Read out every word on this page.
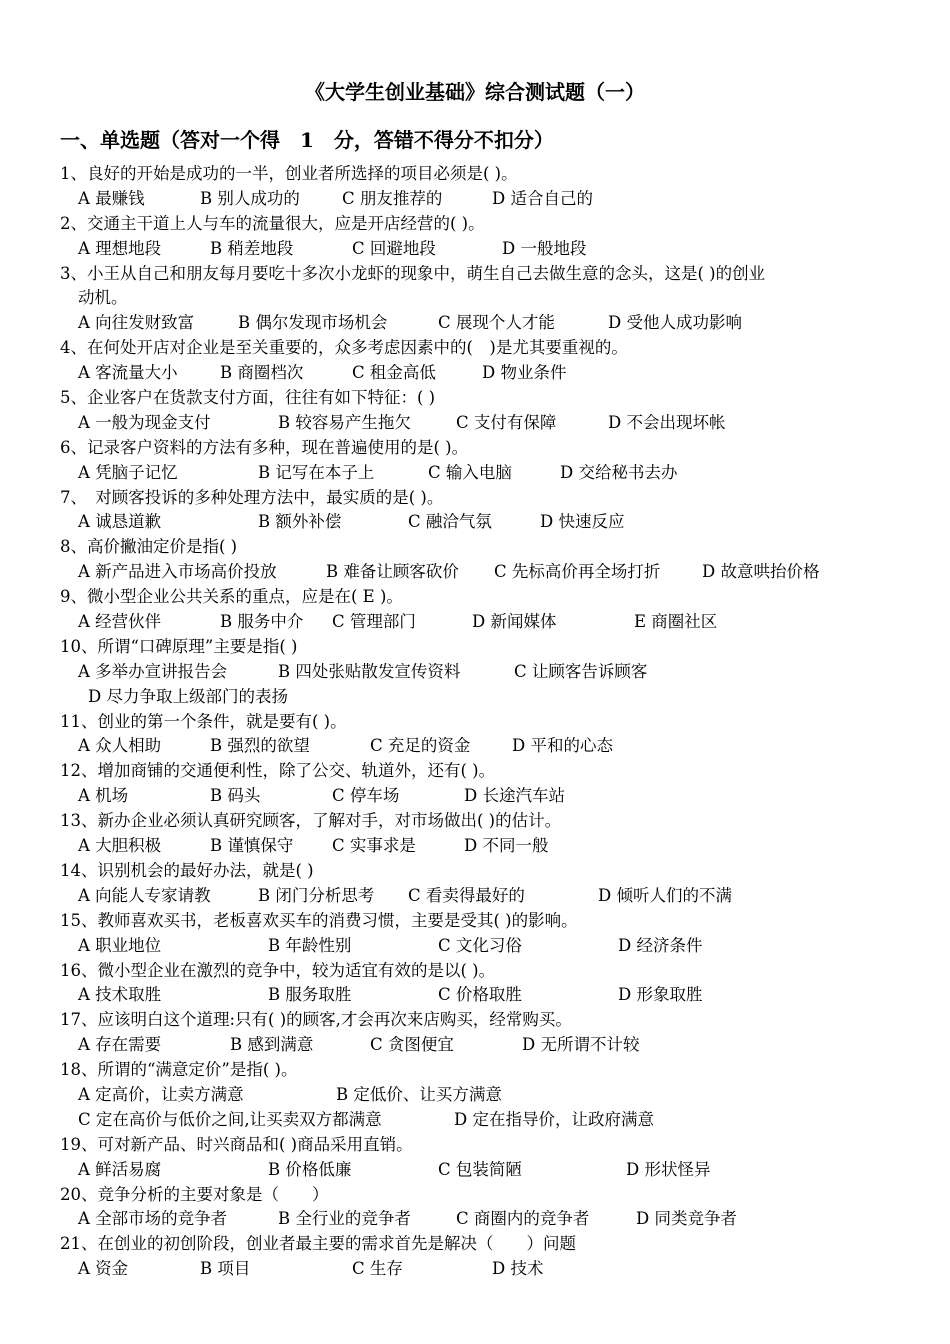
《大学生创业基础》综合测试题（一）
一、单选题（答对一个得　1　分，答错不得分不扣分）
1、良好的开始是成功的一半，创业者所选择的项目必须是( )。
A 最赚钱	B 别人成功的	C 朋友推荐的	D 适合自己的
2、交通主干道上人与车的流量很大，应是开店经营的( )。
A 理想地段	B 稍差地段	C 回避地段	D 一般地段
3、小王从自己和朋友每月要吃十多次小龙虾的现象中，萌生自己去做生意的念头，这是( )的创业
动机。
A 向往发财致富	B 偶尔发现市场机会	C 展现个人才能	D 受他人成功影响
4、在何处开店对企业是至关重要的，众多考虑因素中的(　)是尤其要重视的。
A 客流量大小	B 商圈档次	C 租金高低	D 物业条件
5、企业客户在货款支付方面，往往有如下特征：( )
A 一般为现金支付	B 较容易产生拖欠	C 支付有保障	D 不会出现坏帐
6、记录客户资料的方法有多种，现在普遍使用的是( )。
A 凭脑子记忆	B 记写在本子上	C 输入电脑	D 交给秘书去办
7、　对顾客投诉的多种处理方法中，最实质的是( )。
A 诚恳道歉	B 额外补偿	C 融洽气氛	D 快速反应
8、高价撇油定价是指( )
A 新产品进入市场高价投放	B 难备让顾客砍价 C 先标高价再全场打折	D 故意哄抬价格
9、微小型企业公共关系的重点，应是在( E )。
A 经营伙伴	B 服务中介 C 管理部门	D 新闻媒体	E 商圈社区
10、所谓“口碑原理”主要是指( )
A 多举办宣讲报告会	B 四处张贴散发宣传资料	C 让顾客告诉顾客
D 尽力争取上级部门的表扬
11、创业的第一个条件，就是要有( )。
A 众人相助	B 强烈的欲望	C 充足的资金	D 平和的心态
12、增加商铺的交通便利性，除了公交、轨道外，还有( )。
A 机场	B 码头	C 停车场	D 长途汽车站
13、新办企业必须认真研究顾客，了解对手，对市场做出( )的估计。
A 大胆积极	B 谨慎保守 C 实事求是	D 不同一般
14、识别机会的最好办法，就是( )
A 向能人专家请教	B 闭门分析思考 C 看卖得最好的	D 倾听人们的不满
15、教师喜欢买书，老板喜欢买车的消费习惯，主要是受其( )的影响。
A 职业地位	B 年龄性别	C 文化习俗	D 经济条件
16、微小型企业在激烈的竞争中，较为适宜有效的是以( )。
A 技术取胜	B 服务取胜	C 价格取胜	D 形象取胜
17、应该明白这个道理:只有( )的顾客,才会再次来店购买，经常购买。
A 存在需要	B 感到满意	C 贪图便宜	D 无所谓不计较
18、所谓的“满意定价”是指( )。
A 定高价，让卖方满意	B 定低价、让买方满意
C 定在高价与低价之间,让买卖双方都满意	D 定在指导价，让政府满意
19、可对新产品、时兴商品和( )商品采用直销。
A 鲜活易腐	B 价格低廉	C 包装简陋	D 形状怪异
20、竞争分析的主要对象是（　　）
A 全部市场的竞争者	B 全行业的竞争者	C 商圈内的竞争者	D 同类竞争者
21、在创业的初创阶段，创业者最主要的需求首先是解决（　　）问题
A 资金	B 项目	C 生存	D 技术
